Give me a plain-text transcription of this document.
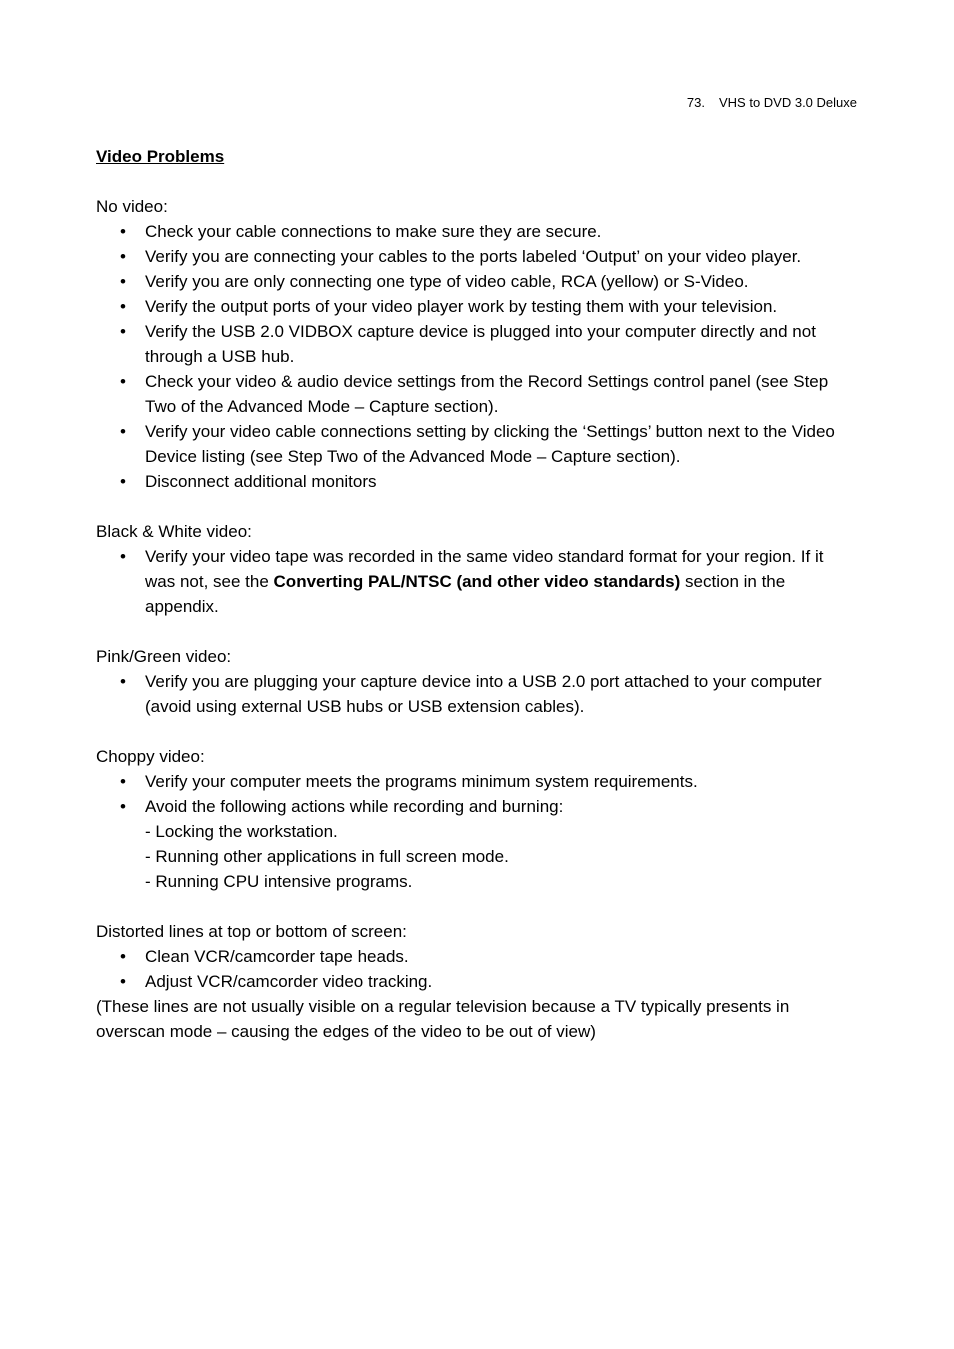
73. VHS to DVD 3.0 Deluxe

Video Problems

No video:

• Check your cable connections to make sure they are secure.
• Verify you are connecting your cables to the ports labeled ‘Output’ on your video player.
• Verify you are only connecting one type of video cable, RCA (yellow) or S-Video.
• Verify the output ports of your video player work by testing them with your television.
• Verify the USB 2.0 VIDBOX capture device is plugged into your computer directly and not through a USB hub.
• Check your video & audio device settings from the Record Settings control panel (see Step Two of the Advanced Mode – Capture section).
• Verify your video cable connections setting by clicking the ‘Settings’ button next to the Video Device listing (see Step Two of the Advanced Mode – Capture section).
• Disconnect additional monitors

Black & White video:

• Verify your video tape was recorded in the same video standard format for your region. If it was not, see the Converting PAL/NTSC (and other video standards) section in the appendix.

Pink/Green video:

• Verify you are plugging your capture device into a USB 2.0 port attached to your computer (avoid using external USB hubs or USB extension cables).

Choppy video:

• Verify your computer meets the programs minimum system requirements.
• Avoid the following actions while recording and burning:
- Locking the workstation.
- Running other applications in full screen mode.
- Running CPU intensive programs.

Distorted lines at top or bottom of screen:

• Clean VCR/camcorder tape heads.
• Adjust VCR/camcorder video tracking.

(These lines are not usually visible on a regular television because a TV typically presents in overscan mode – causing the edges of the video to be out of view)
